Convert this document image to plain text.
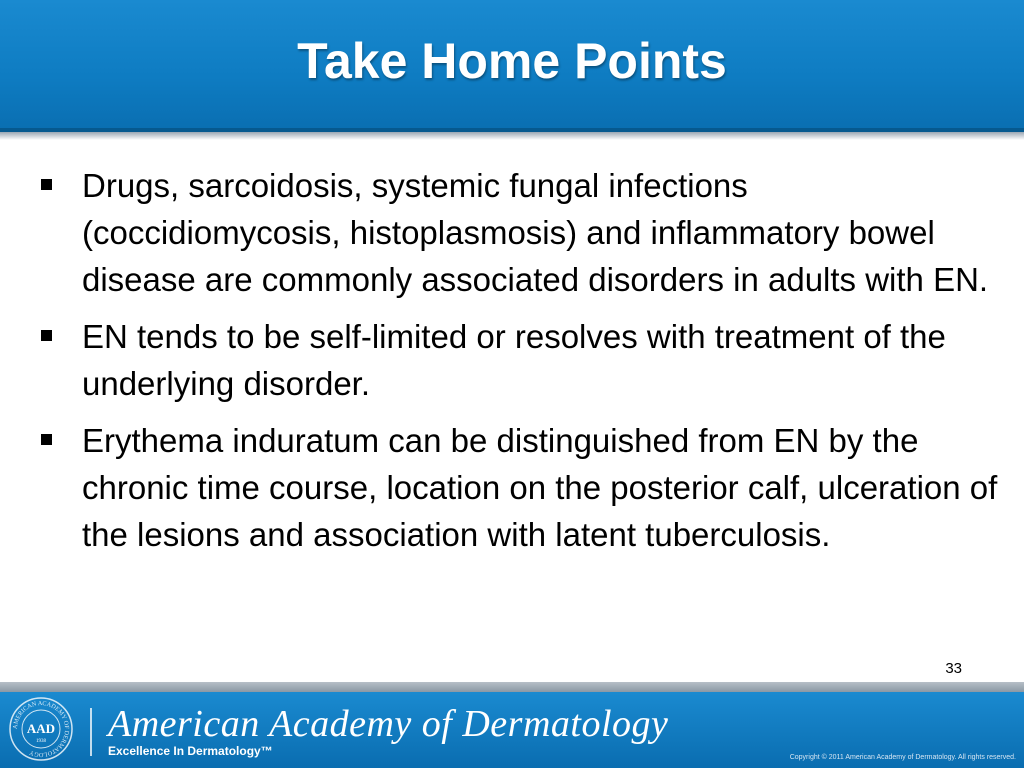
Take Home Points
Drugs, sarcoidosis, systemic fungal infections (coccidiomycosis, histoplasmosis) and inflammatory bowel disease are commonly associated disorders in adults with EN.
EN tends to be self-limited or resolves with treatment of the underlying disorder.
Erythema induratum can be distinguished from EN by the chronic time course, location on the posterior calf, ulceration of the lesions and association with latent tuberculosis.
33
AMERICAN ACADEMY OF DERMATOLOGY
AAD
1938 American Academy of Dermatology
Excellence In Dermatology™	Copyright © 2011 American Academy of Dermatology. All rights reserved.
